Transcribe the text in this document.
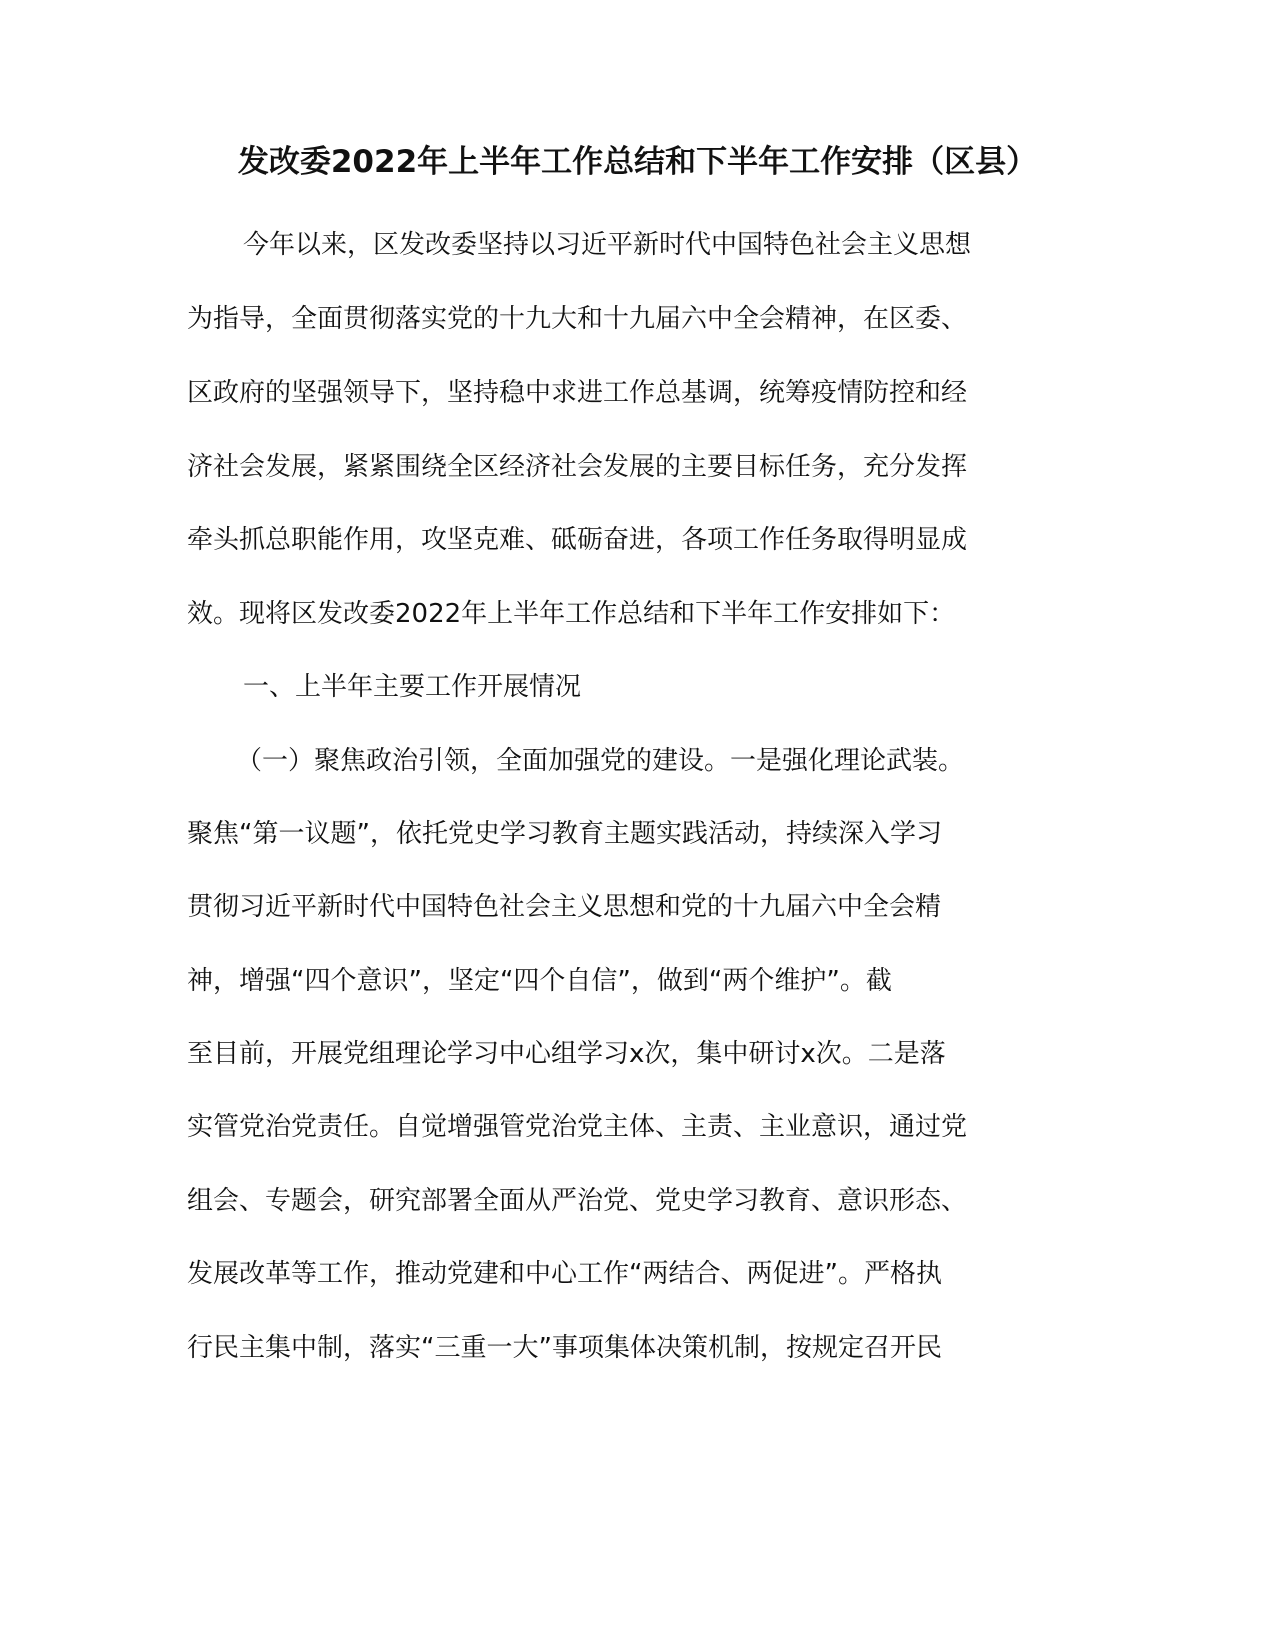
发改委2022年上半年工作总结和下半年工作安排（区县）

今年以来，区发改委坚持以习近平新时代中国特色社会主义思想

为指导，全面贯彻落实党的十九大和十九届六中全会精神，在区委、

区政府的坚强领导下，坚持稳中求进工作总基调，统筹疫情防控和经

济社会发展，紧紧围绕全区经济社会发展的主要目标任务，充分发挥

牵头抓总职能作用，攻坚克难、砥砺奋进，各项工作任务取得明显成

效。现将区发改委2022年上半年工作总结和下半年工作安排如下：

一、上半年主要工作开展情况

（一）聚焦政治引领，全面加强党的建设。一是强化理论武装。

聚焦“第一议题”，依托党史学习教育主题实践活动，持续深入学习

贯彻习近平新时代中国特色社会主义思想和党的十九届六中全会精

神，增强“四个意识”，坚定“四个自信”，做到“两个维护”。截

至目前，开展党组理论学习中心组学习x次，集中研讨x次。二是落

实管党治党责任。自觉增强管党治党主体、主责、主业意识，通过党

组会、专题会，研究部署全面从严治党、党史学习教育、意识形态、

发展改革等工作，推动党建和中心工作“两结合、两促进”。严格执

行民主集中制，落实“三重一大”事项集体决策机制，按规定召开民
